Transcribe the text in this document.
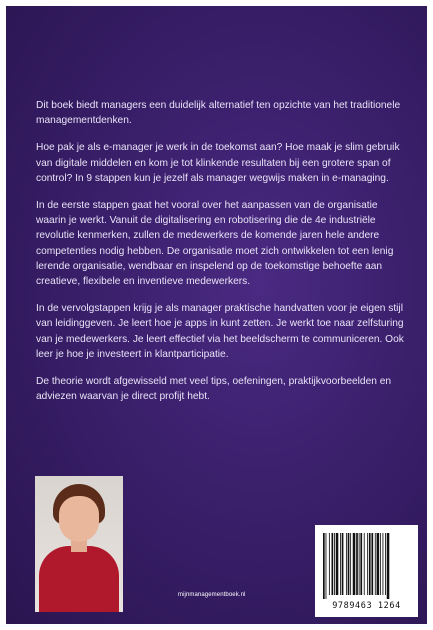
Dit boek biedt managers een duidelijk alternatief ten opzichte van het traditionele managementdenken.

Hoe pak je als e-manager je werk in de toekomst aan? Hoe maak je slim gebruik van digitale middelen en kom je tot klinkende resultaten bij een grotere span of control? In 9 stappen kun je jezelf als manager wegwijs maken in e-managing.

In de eerste stappen gaat het vooral over het aanpassen van de organisatie waarin je werkt. Vanuit de digitalisering en robotisering die de 4e industriële revolutie kenmerken, zullen de medewerkers de komende jaren hele andere competenties nodig hebben. De organisatie moet zich ontwikkelen tot een lenig lerende organisatie, wendbaar en inspelend op de toekomstige behoefte aan creatieve, flexibele en inventieve medewerkers.

In de vervolgstappen krijg je als manager praktische handvatten voor je eigen stijl van leidinggeven. Je leert hoe je apps in kunt zetten. Je werkt toe naar zelfsturing van je medewerkers. Je leert effectief via het beeldscherm te communiceren. Ook leer je hoe je investeert in klantparticipatie.

De theorie wordt afgewisseld met veel tips, oefeningen, praktijkvoorbeelden en adviezen waarvan je direct profijt hebt.

mijnmanagementboek.nl
9789463 1264
